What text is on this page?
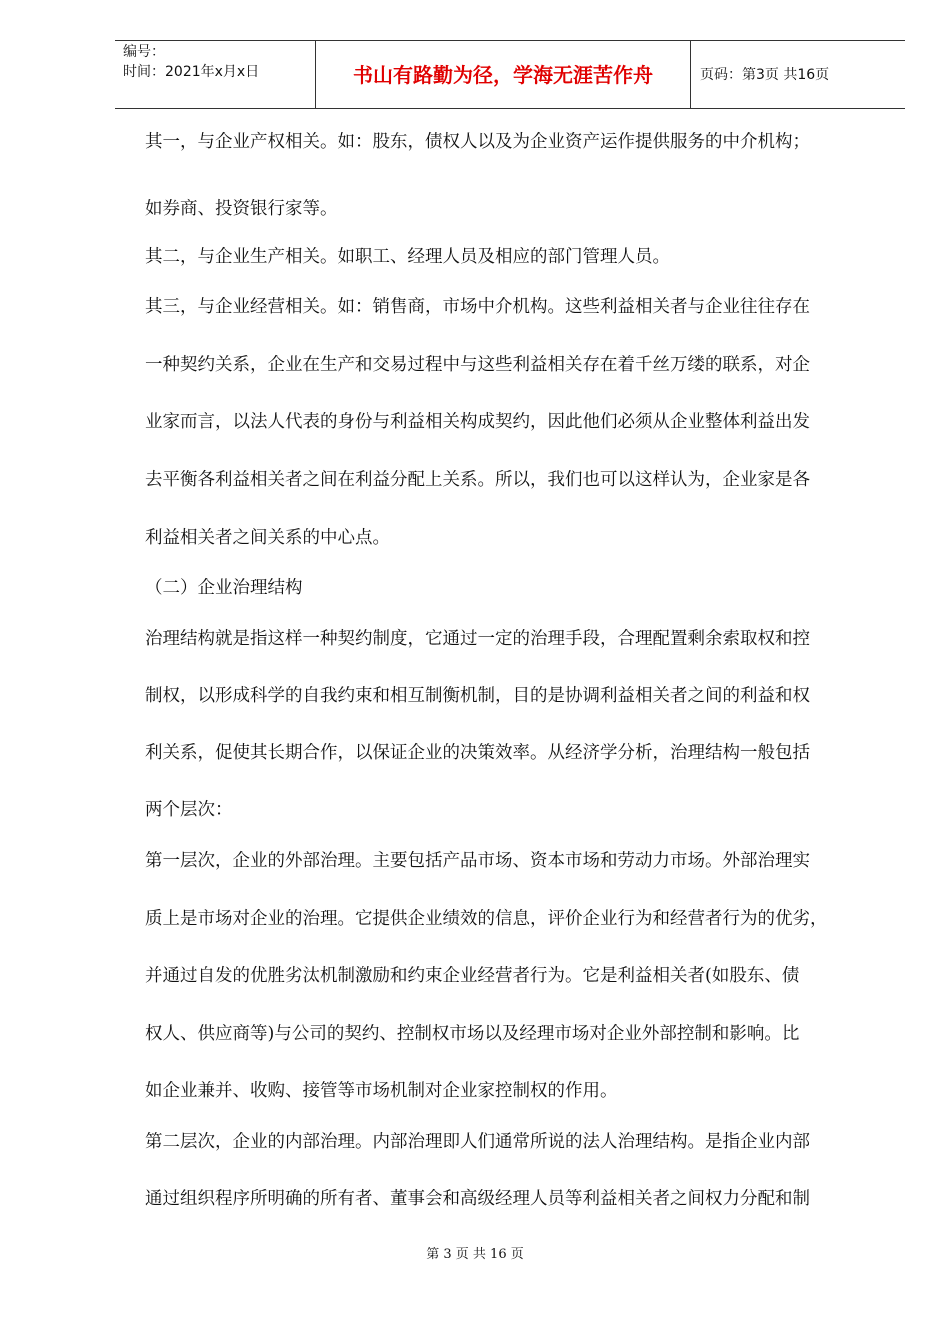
编号：
时间：2021年x月x日	书山有路勤为径，学海无涯苦作舟	页码：第3页 共16页
其一，与企业产权相关。如：股东，债权人以及为企业资产运作提供服务的中介机构；
如券商、投资银行家等。
其二，与企业生产相关。如职工、经理人员及相应的部门管理人员。
其三，与企业经营相关。如：销售商，市场中介机构。这些利益相关者与企业往往存在
一种契约关系，企业在生产和交易过程中与这些利益相关存在着千丝万缕的联系，对企
业家而言，以法人代表的身份与利益相关构成契约，因此他们必须从企业整体利益出发
去平衡各利益相关者之间在利益分配上关系。所以，我们也可以这样认为，企业家是各
利益相关者之间关系的中心点。
（二）企业治理结构
治理结构就是指这样一种契约制度，它通过一定的治理手段，合理配置剩余索取权和控
制权，以形成科学的自我约束和相互制衡机制，目的是协调利益相关者之间的利益和权
利关系，促使其长期合作，以保证企业的决策效率。从经济学分析，治理结构一般包括
两个层次：
第一层次，企业的外部治理。主要包括产品市场、资本市场和劳动力市场。外部治理实
质上是市场对企业的治理。它提供企业绩效的信息，评价企业行为和经营者行为的优劣，
并通过自发的优胜劣汰机制激励和约束企业经营者行为。它是利益相关者(如股东、债
权人、供应商等)与公司的契约、控制权市场以及经理市场对企业外部控制和影响。比
如企业兼并、收购、接管等市场机制对企业家控制权的作用。
第二层次，企业的内部治理。内部治理即人们通常所说的法人治理结构。是指企业内部
通过组织程序所明确的所有者、董事会和高级经理人员等利益相关者之间权力分配和制
第 3 页 共 16 页
